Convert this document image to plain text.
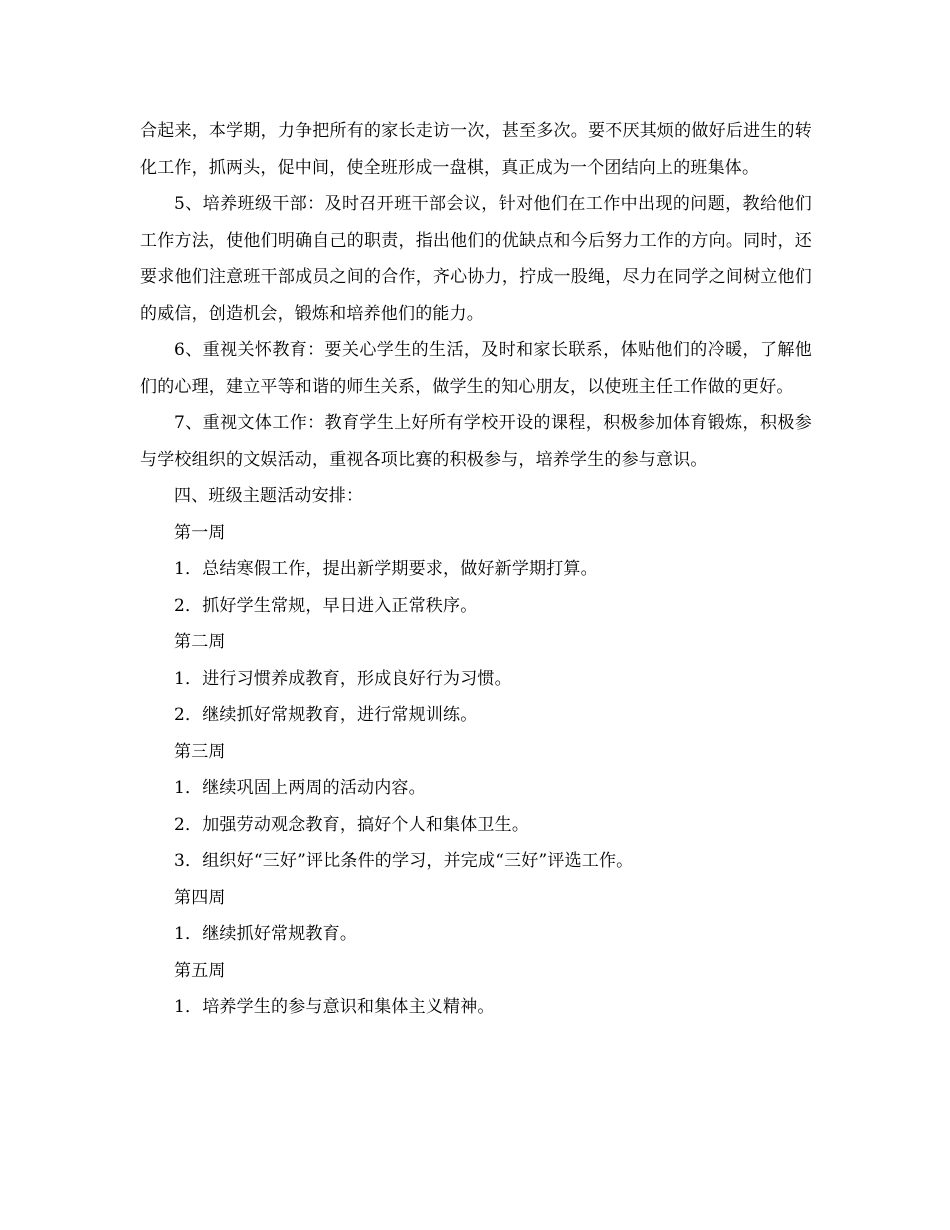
合起来，本学期，力争把所有的家长走访一次，甚至多次。要不厌其烦的做好后进生的转化工作，抓两头，促中间，使全班形成一盘棋，真正成为一个团结向上的班集体。

5、培养班级干部：及时召开班干部会议，针对他们在工作中出现的问题，教给他们工作方法，使他们明确自己的职责，指出他们的优缺点和今后努力工作的方向。同时，还要求他们注意班干部成员之间的合作，齐心协力，拧成一股绳，尽力在同学之间树立他们的威信，创造机会，锻炼和培养他们的能力。

6、重视关怀教育：要关心学生的生活，及时和家长联系，体贴他们的冷暖，了解他们的心理，建立平等和谐的师生关系，做学生的知心朋友，以使班主任工作做的更好。

7、重视文体工作：教育学生上好所有学校开设的课程，积极参加体育锻炼，积极参与学校组织的文娱活动，重视各项比赛的积极参与，培养学生的参与意识。

四、班级主题活动安排：

第一周

1．总结寒假工作，提出新学期要求，做好新学期打算。

2．抓好学生常规，早日进入正常秩序。

第二周

1．进行习惯养成教育，形成良好行为习惯。

2．继续抓好常规教育，进行常规训练。

第三周

1．继续巩固上两周的活动内容。

2．加强劳动观念教育，搞好个人和集体卫生。

3．组织好“三好”评比条件的学习，并完成“三好”评选工作。

第四周

1．继续抓好常规教育。

第五周

1．培养学生的参与意识和集体主义精神。
